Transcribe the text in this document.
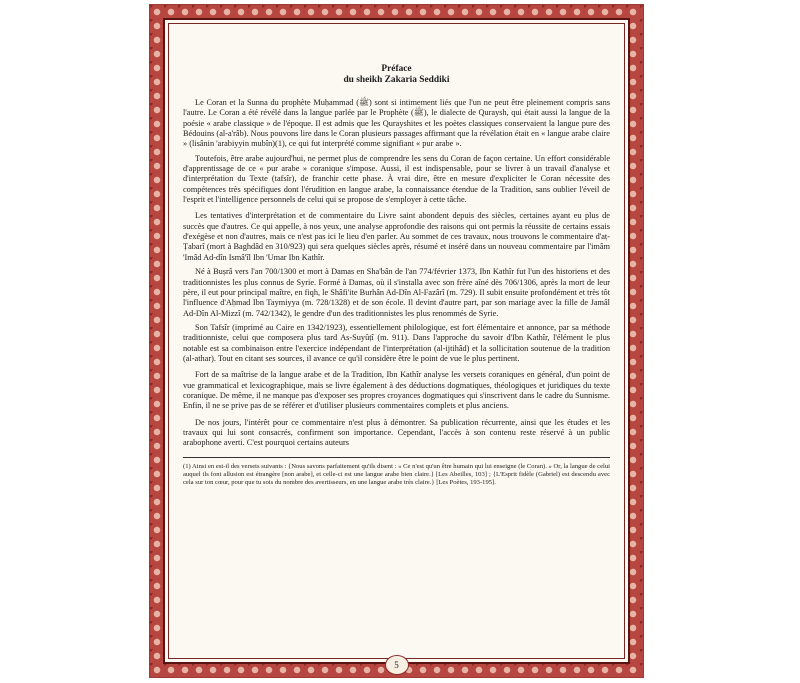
Préface

du sheikh Zakaria Seddiki

Le Coran et la Sunna du prophète Muḥammad (ﷺ) sont si intimement liés que l'un ne peut être pleinement compris sans l'autre. Le Coran a été révélé dans la langue parlée par le Prophète (ﷺ), le dialecte de Quraysh, qui était aussi la langue de la poésie « arabe classique » de l'époque. Il est admis que les Qurayshites et les poètes classiques conservaient la langue pure des Bédouins (al-a'râb). Nous pouvons lire dans le Coran plusieurs passages affirmant que la révélation était en « langue arabe claire » (lisânin 'arabiyyin mubîn)(1), ce qui fut interprété comme signifiant « pur arabe ».

Toutefois, être arabe aujourd'hui, ne permet plus de comprendre les sens du Coran de façon certaine. Un effort considérable d'apprentissage de ce « pur arabe » coranique s'impose. Aussi, il est indispensable, pour se livrer à un travail d'analyse et d'interprétation du Texte (tafsîr), de franchir cette phase. À vrai dire, être en mesure d'expliciter le Coran nécessite des compétences très spécifiques dont l'érudition en langue arabe, la connaissance étendue de la Tradition, sans oublier l'éveil de l'esprit et l'intelligence personnels de celui qui se propose de s'employer à cette tâche.

Les tentatives d'interprétation et de commentaire du Livre saint abondent depuis des siècles, certaines ayant eu plus de succès que d'autres. Ce qui appelle, à nos yeux, une analyse approfondie des raisons qui ont permis la réussite de certains essais d'exégèse et non d'autres, mais ce n'est pas ici le lieu d'en parler. Au sommet de ces travaux, nous trouvons le commentaire d'aṭ-Ṭabarî (mort à Baghdâd en 310/923) qui sera quelques siècles après, résumé et inséré dans un nouveau commentaire par l'imâm 'Imâd Ad-dîn Ismâ'îl Ibn 'Umar Ibn Kathîr.

Né à Buṣrâ vers l'an 700/1300 et mort à Damas en Sha'bân de l'an 774/février 1373, Ibn Kathîr fut l'un des historiens et des traditionnistes les plus connus de Syrie. Formé à Damas, où il s'installa avec son frère aîné dès 706/1306, après la mort de leur père, il eut pour principal maître, en fiqh, le Shâfi'ite Burhân Ad-Dîn Al-Fazârî (m. 729). Il subit ensuite profondément et très tôt l'influence d'Aḥmad Ibn Taymiyya (m. 728/1328) et de son école. Il devint d'autre part, par son mariage avec la fille de Jamâl Ad-Dîn Al-Mizzî (m. 742/1342), le gendre d'un des traditionnistes les plus renommés de Syrie.

Son Tafsîr (imprimé au Caire en 1342/1923), essentiellement philologique, est fort élémentaire et annonce, par sa méthode traditionniste, celui que composera plus tard As-Suyûṭî (m. 911). Dans l'approche du savoir d'Ibn Kathîr, l'élément le plus notable est sa combinaison entre l'exercice indépendant de l'interprétation (al-ijtihâd) et la sollicitation soutenue de la tradition (al-athar). Tout en citant ses sources, il avance ce qu'il considère être le point de vue le plus pertinent.

Fort de sa maîtrise de la langue arabe et de la Tradition, Ibn Kathîr analyse les versets coraniques en général, d'un point de vue grammatical et lexicographique, mais se livre également à des déductions dogmatiques, théologiques et juridiques du texte coranique. De même, il ne manque pas d'exposer ses propres croyances dogmatiques qui s'inscrivent dans le cadre du Sunnisme. Enfin, il ne se prive pas de se référer et d'utiliser plusieurs commentaires complets et plus anciens.

De nos jours, l'intérêt pour ce commentaire n'est plus à démontrer. Sa publication récurrente, ainsi que les études et les travaux qui lui sont consacrés, confirment son importance. Cependant, l'accès à son contenu reste réservé à un public arabophone averti. C'est pourquoi certains auteurs

(1) Ainsi en est-il des versets suivants : {Nous savons parfaitement qu'ils disent : « Ce n'est qu'un être humain qui lui enseigne (le Coran). » Or, la langue de celui auquel ils font allusion est étrangère [non arabe], et celle-ci est une langue arabe bien claire.} [Les Abeilles, 103] ; {L'Esprit fidèle (Gabriel) est descendu avec cela sur ton cœur, pour que tu sois du nombre des avertisseurs, en une langue arabe très claire.} [Les Poètes, 193-195].

5
